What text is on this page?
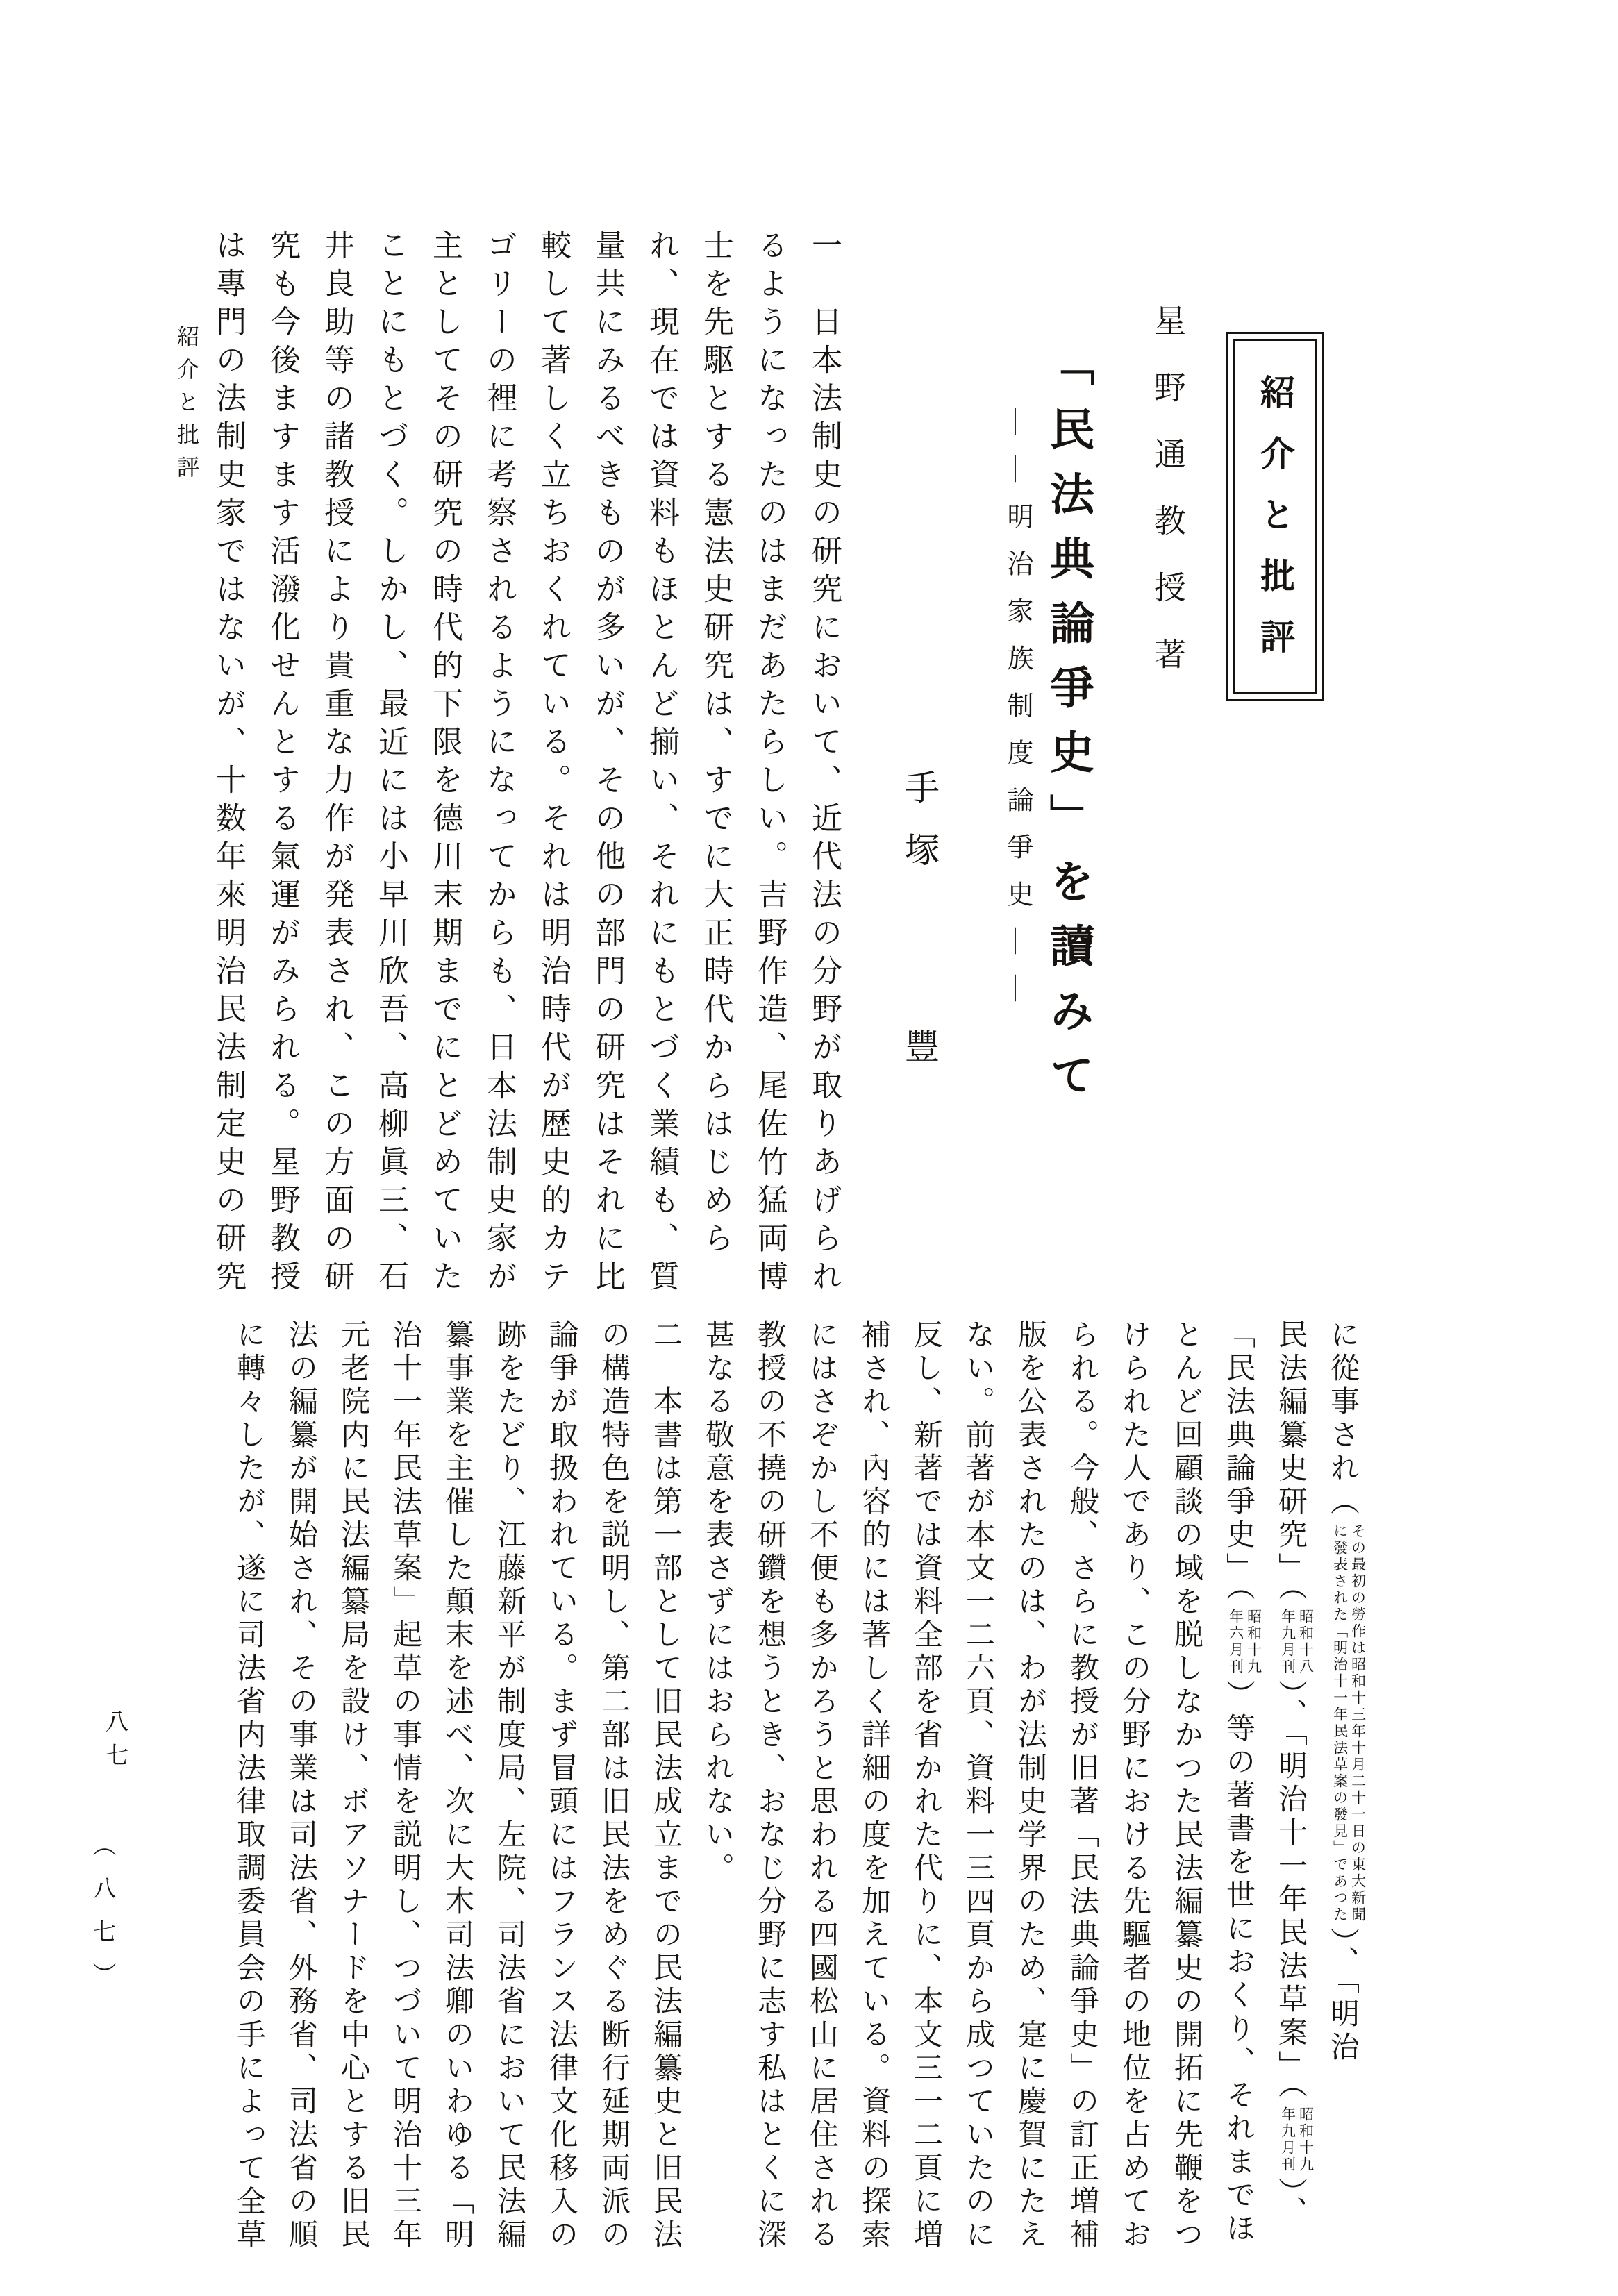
紹介と批評
八七
（八七）
紹介と批評
星野通教授著
「民法典論爭史」を讀みて
――明治家族制度論爭史――
手塚 豐
一　日本法制史の研究において、近代法の分野が取りあげられ
るようになったのはまだあたらしい。吉野作造、尾佐竹猛両博
士を先駆とする憲法史研究は、すでに大正時代からはじめら
れ、現在では資料もほとんど揃い、それにもとづく業績も、質
量共にみるべきものが多いが、その他の部門の研究はそれに比
較して著しく立ちおくれている。それは明治時代が歴史的カテ
ゴリーの裡に考察されるようになってからも、日本法制史家が
主としてその研究の時代的下限を德川末期までにとどめていた
ことにもとづく。しかし、最近には小早川欣吾、高柳眞三、石
井良助等の諸教授により貴重な力作が発表され、この方面の研
究も今後ますます活潑化せんとする氣運がみられる。星野教授
は專門の法制史家ではないが、十数年來明治民法制定史の研究
に從事され（
その最初の勞作は昭和十三年十月二十一日の東大新聞
に發表された「明治十一年民法草案の發見」であつた
）、「明治
民法編纂史研究」（
昭和十八
年九月刊
）、「明治十一年民法草案」（
昭和十九
年九月刊
）、
「民法典論爭史」（
昭和十九
年六月刊
）等の著書を世におくり、それまでほ
とんど回顧談の域を脱しなかつた民法編纂史の開拓に先鞭をつ
けられた人であり、この分野における先驅者の地位を占めてお
られる。今般、さらに教授が旧著「民法典論爭史」の訂正増補
版を公表されたのは、わが法制史学界のため、寔に慶賀にたえ
ない。前著が本文一二六頁、資料一三四頁から成つていたのに
反し、新著では資料全部を省かれた代りに、本文三一二頁に増
補され、內容的には著しく詳細の度を加えている。資料の探索
にはさぞかし不便も多かろうと思われる四國松山に居住される
教授の不撓の研鑽を想うとき、おなじ分野に志す私はとくに深
甚なる敬意を表さずにはおられない。
二　本書は第一部として旧民法成立までの民法編纂史と旧民法
の構造特色を説明し、第二部は旧民法をめぐる断行延期両派の
論爭が取扱われている。まず冒頭にはフランス法律文化移入の
跡をたどり、江藤新平が制度局、左院、司法省において民法編
纂事業を主催した顛末を述べ、次に大木司法卿のいわゆる「明
治十一年民法草案」起草の事情を説明し、つづいて明治十三年
元老院内に民法編纂局を設け、ボアソナードを中心とする旧民
法の編纂が開始され、その事業は司法省、外務省、司法省の順
に轉々したが、遂に司法省内法律取調委員会の手によって全草
